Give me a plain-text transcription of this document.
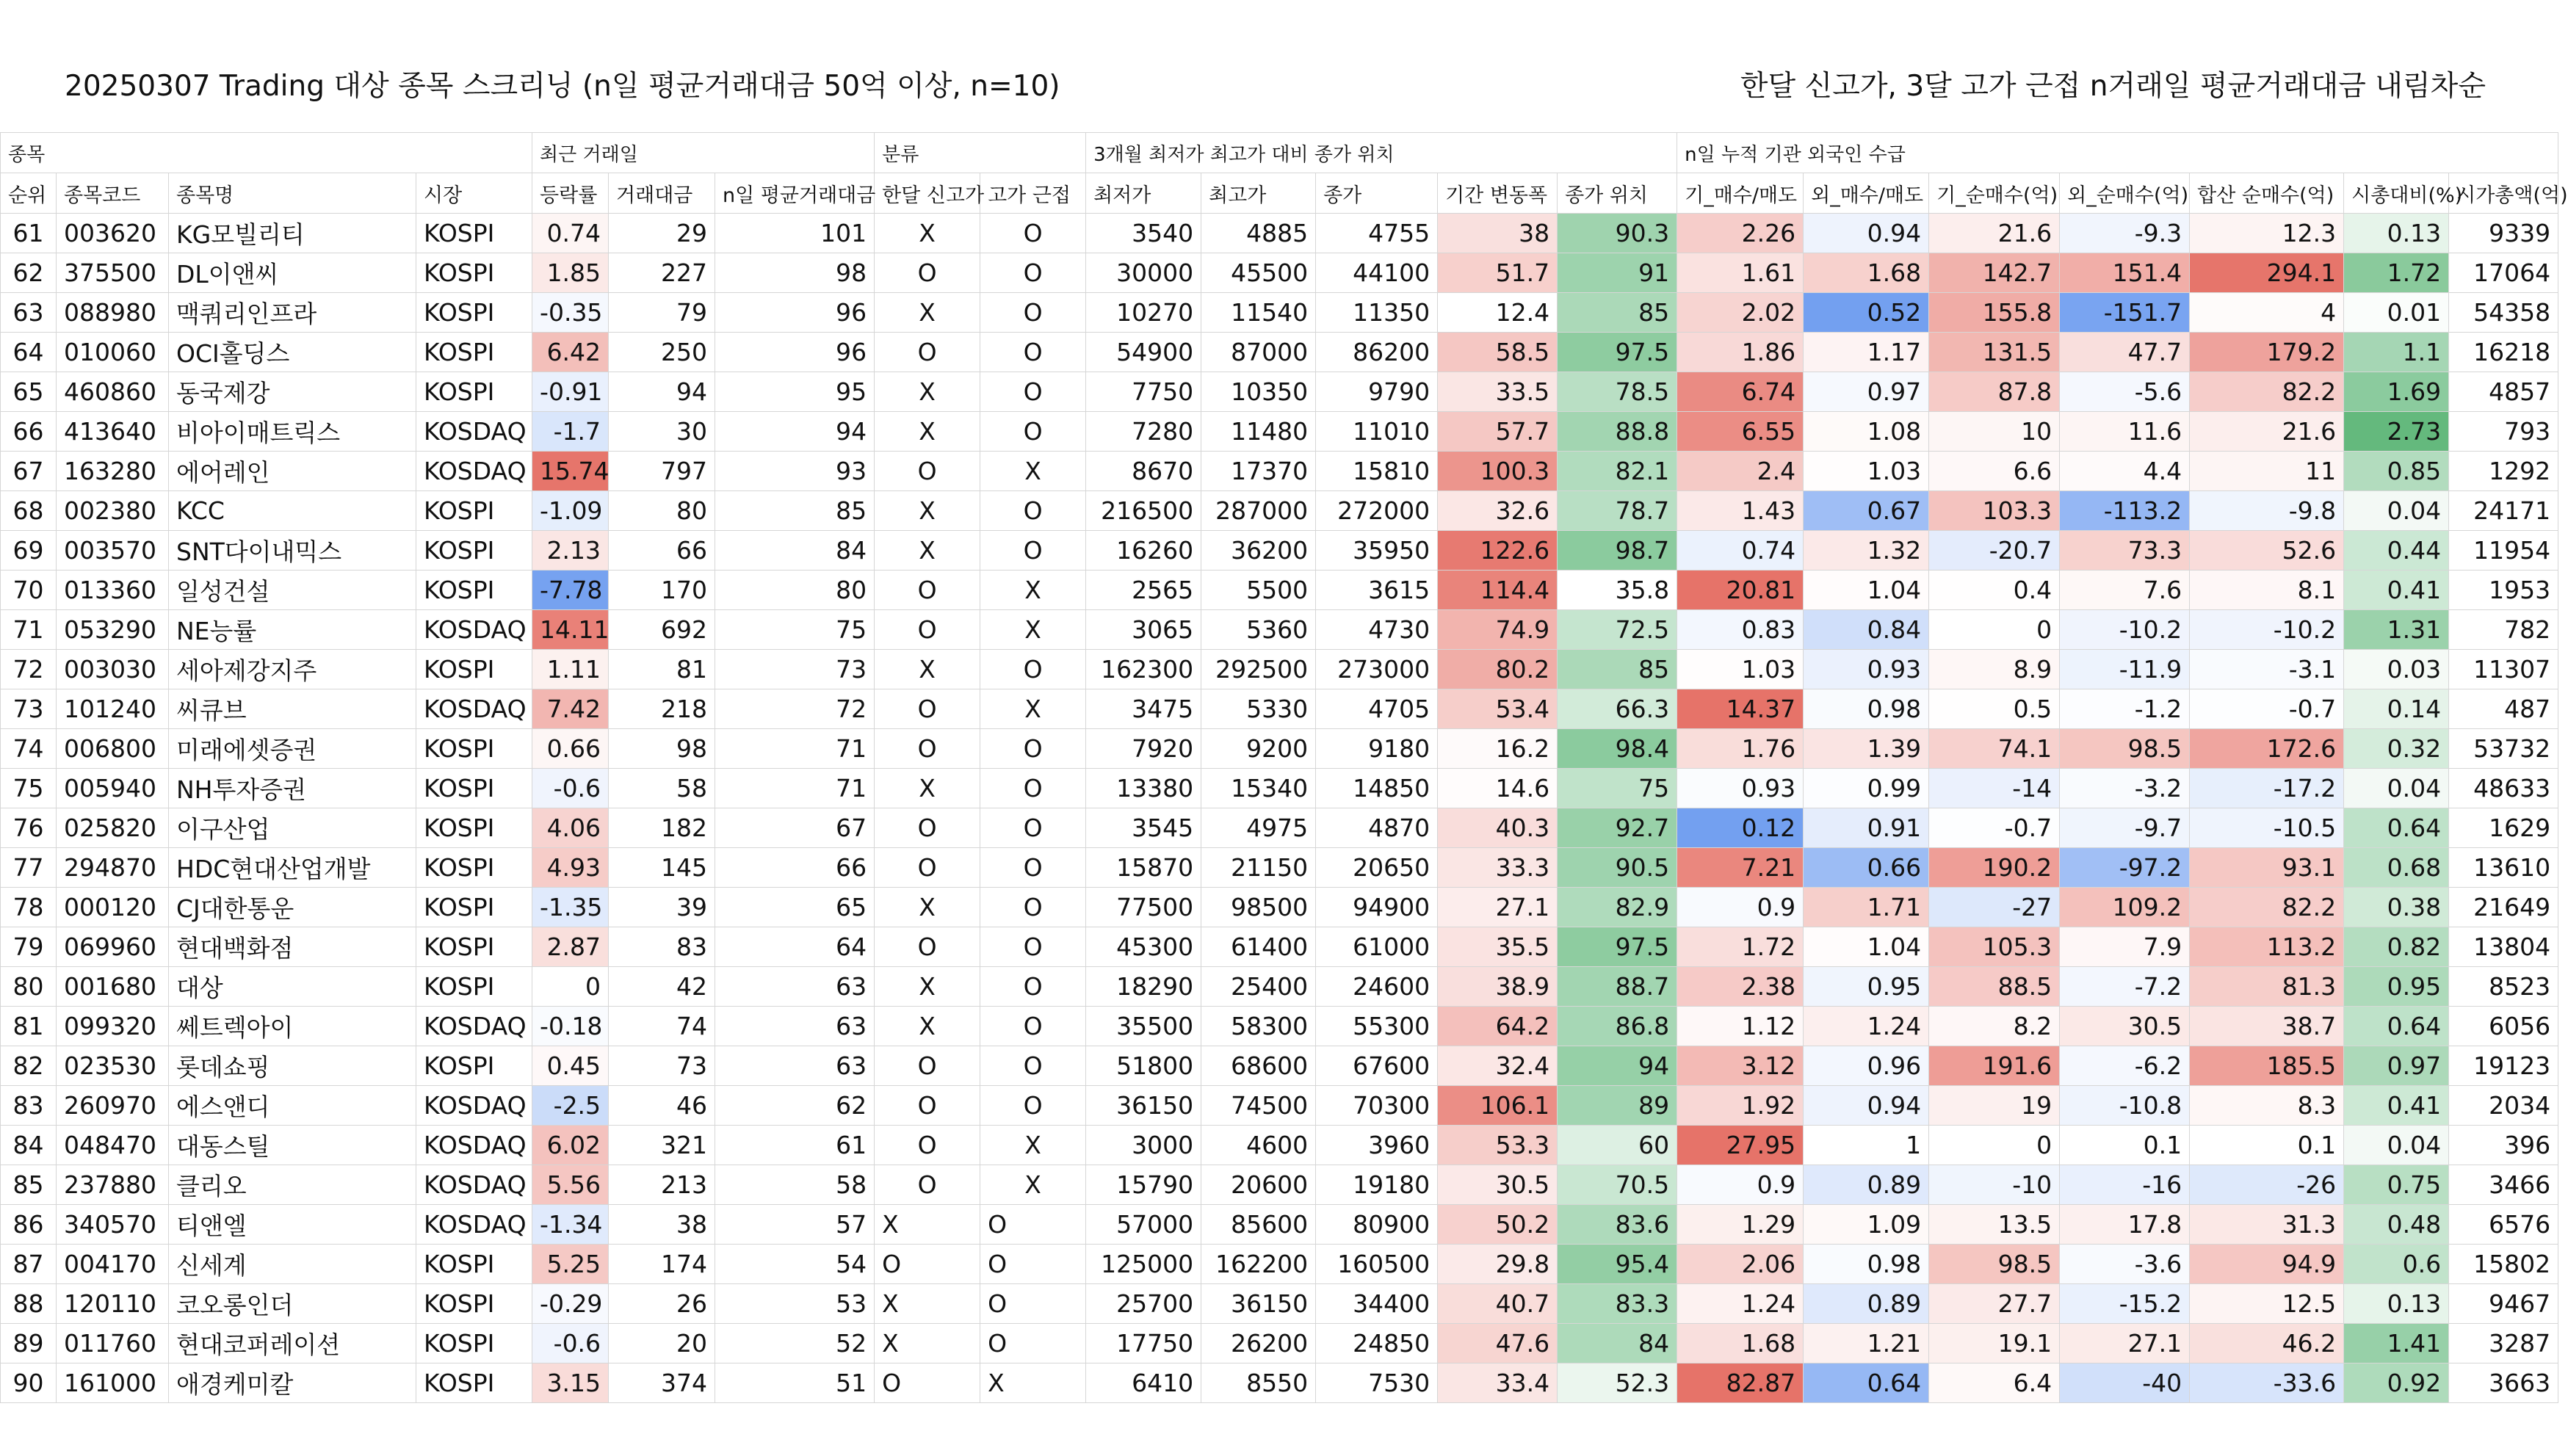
20250307 Trading 대상 종목 스크리닝 (n일 평균거래대금 50억 이상, n=10)	한달 신고가, 3달 고가 근접 n거래일 평균거래대금 내림차순
종목				최근 거래일			분류		3개월 최저가 최고가 대비 종가 위치					n일 누적 기관 외국인 수급						
순위	종목코드	종목명	시장	등락률	거래대금	n일 평균거래대금	한달 신고가	고가 근접	최저가	최고가	종가	기간 변동폭	종가 위치	기_매수/매도	외_매수/매도	기_순매수(억)	외_순매수(억)	합산 순매수(억)	시총대비(%)	시가총액(억)
61	003620	KG모빌리티	KOSPI	0.74	29	101	X	O	3540	4885	4755	38	90.3	2.26	0.94	21.6	-9.3	12.3	0.13	9339
62	375500	DL이앤씨	KOSPI	1.85	227	98	O	O	30000	45500	44100	51.7	91	1.61	1.68	142.7	151.4	294.1	1.72	17064
63	088980	맥쿼리인프라	KOSPI	-0.35	79	96	X	O	10270	11540	11350	12.4	85	2.02	0.52	155.8	-151.7	4	0.01	54358
64	010060	OCI홀딩스	KOSPI	6.42	250	96	O	O	54900	87000	86200	58.5	97.5	1.86	1.17	131.5	47.7	179.2	1.1	16218
65	460860	동국제강	KOSPI	-0.91	94	95	X	O	7750	10350	9790	33.5	78.5	6.74	0.97	87.8	-5.6	82.2	1.69	4857
66	413640	비아이매트릭스	KOSDAQ	-1.7	30	94	X	O	7280	11480	11010	57.7	88.8	6.55	1.08	10	11.6	21.6	2.73	793
67	163280	에어레인	KOSDAQ	15.74	797	93	O	X	8670	17370	15810	100.3	82.1	2.4	1.03	6.6	4.4	11	0.85	1292
68	002380	KCC	KOSPI	-1.09	80	85	X	O	216500	287000	272000	32.6	78.7	1.43	0.67	103.3	-113.2	-9.8	0.04	24171
69	003570	SNT다이내믹스	KOSPI	2.13	66	84	X	O	16260	36200	35950	122.6	98.7	0.74	1.32	-20.7	73.3	52.6	0.44	11954
70	013360	일성건설	KOSPI	-7.78	170	80	O	X	2565	5500	3615	114.4	35.8	20.81	1.04	0.4	7.6	8.1	0.41	1953
71	053290	NE능률	KOSDAQ	14.11	692	75	O	X	3065	5360	4730	74.9	72.5	0.83	0.84	0	-10.2	-10.2	1.31	782
72	003030	세아제강지주	KOSPI	1.11	81	73	X	O	162300	292500	273000	80.2	85	1.03	0.93	8.9	-11.9	-3.1	0.03	11307
73	101240	씨큐브	KOSDAQ	7.42	218	72	O	X	3475	5330	4705	53.4	66.3	14.37	0.98	0.5	-1.2	-0.7	0.14	487
74	006800	미래에셋증권	KOSPI	0.66	98	71	O	O	7920	9200	9180	16.2	98.4	1.76	1.39	74.1	98.5	172.6	0.32	53732
75	005940	NH투자증권	KOSPI	-0.6	58	71	X	O	13380	15340	14850	14.6	75	0.93	0.99	-14	-3.2	-17.2	0.04	48633
76	025820	이구산업	KOSPI	4.06	182	67	O	O	3545	4975	4870	40.3	92.7	0.12	0.91	-0.7	-9.7	-10.5	0.64	1629
77	294870	HDC현대산업개발	KOSPI	4.93	145	66	O	O	15870	21150	20650	33.3	90.5	7.21	0.66	190.2	-97.2	93.1	0.68	13610
78	000120	CJ대한통운	KOSPI	-1.35	39	65	X	O	77500	98500	94900	27.1	82.9	0.9	1.71	-27	109.2	82.2	0.38	21649
79	069960	현대백화점	KOSPI	2.87	83	64	O	O	45300	61400	61000	35.5	97.5	1.72	1.04	105.3	7.9	113.2	0.82	13804
80	001680	대상	KOSPI	0	42	63	X	O	18290	25400	24600	38.9	88.7	2.38	0.95	88.5	-7.2	81.3	0.95	8523
81	099320	쎄트렉아이	KOSDAQ	-0.18	74	63	X	O	35500	58300	55300	64.2	86.8	1.12	1.24	8.2	30.5	38.7	0.64	6056
82	023530	롯데쇼핑	KOSPI	0.45	73	63	O	O	51800	68600	67600	32.4	94	3.12	0.96	191.6	-6.2	185.5	0.97	19123
83	260970	에스앤디	KOSDAQ	-2.5	46	62	O	O	36150	74500	70300	106.1	89	1.92	0.94	19	-10.8	8.3	0.41	2034
84	048470	대동스틸	KOSDAQ	6.02	321	61	O	X	3000	4600	3960	53.3	60	27.95	1	0	0.1	0.1	0.04	396
85	237880	클리오	KOSDAQ	5.56	213	58	O	X	15790	20600	19180	30.5	70.5	0.9	0.89	-10	-16	-26	0.75	3466
86	340570	티앤엘	KOSDAQ	-1.34	38	57	X	O	57000	85600	80900	50.2	83.6	1.29	1.09	13.5	17.8	31.3	0.48	6576
87	004170	신세계	KOSPI	5.25	174	54	O	O	125000	162200	160500	29.8	95.4	2.06	0.98	98.5	-3.6	94.9	0.6	15802
88	120110	코오롱인더	KOSPI	-0.29	26	53	X	O	25700	36150	34400	40.7	83.3	1.24	0.89	27.7	-15.2	12.5	0.13	9467
89	011760	현대코퍼레이션	KOSPI	-0.6	20	52	X	O	17750	26200	24850	47.6	84	1.68	1.21	19.1	27.1	46.2	1.41	3287
90	161000	애경케미칼	KOSPI	3.15	374	51	O	X	6410	8550	7530	33.4	52.3	82.87	0.64	6.4	-40	-33.6	0.92	3663
